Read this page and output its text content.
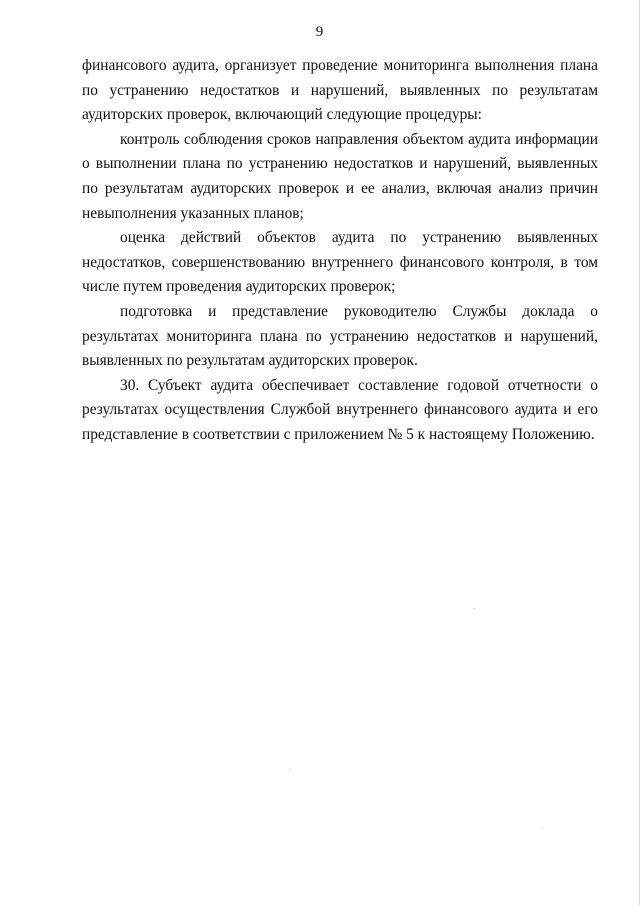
9

финансового аудита, организует проведение мониторинга выполнения плана по устранению недостатков и нарушений, выявленных по результатам аудиторских проверок, включающий следующие процедуры:

контроль соблюдения сроков направления объектом аудита информации о выполнении плана по устранению недостатков и нарушений, выявленных по результатам аудиторских проверок и ее анализ, включая анализ причин невыполнения указанных планов;

оценка действий объектов аудита по устранению выявленных недостатков, совершенствованию внутреннего финансового контроля, в том числе путем проведения аудиторских проверок;

подготовка и представление руководителю Службы доклада о результатах мониторинга плана по устранению недостатков и нарушений, выявленных по результатам аудиторских проверок.

30. Субъект аудита обеспечивает составление годовой отчетности о результатах осуществления Службой внутреннего финансового аудита и его представление в соответствии с приложением № 5 к настоящему Положению.
